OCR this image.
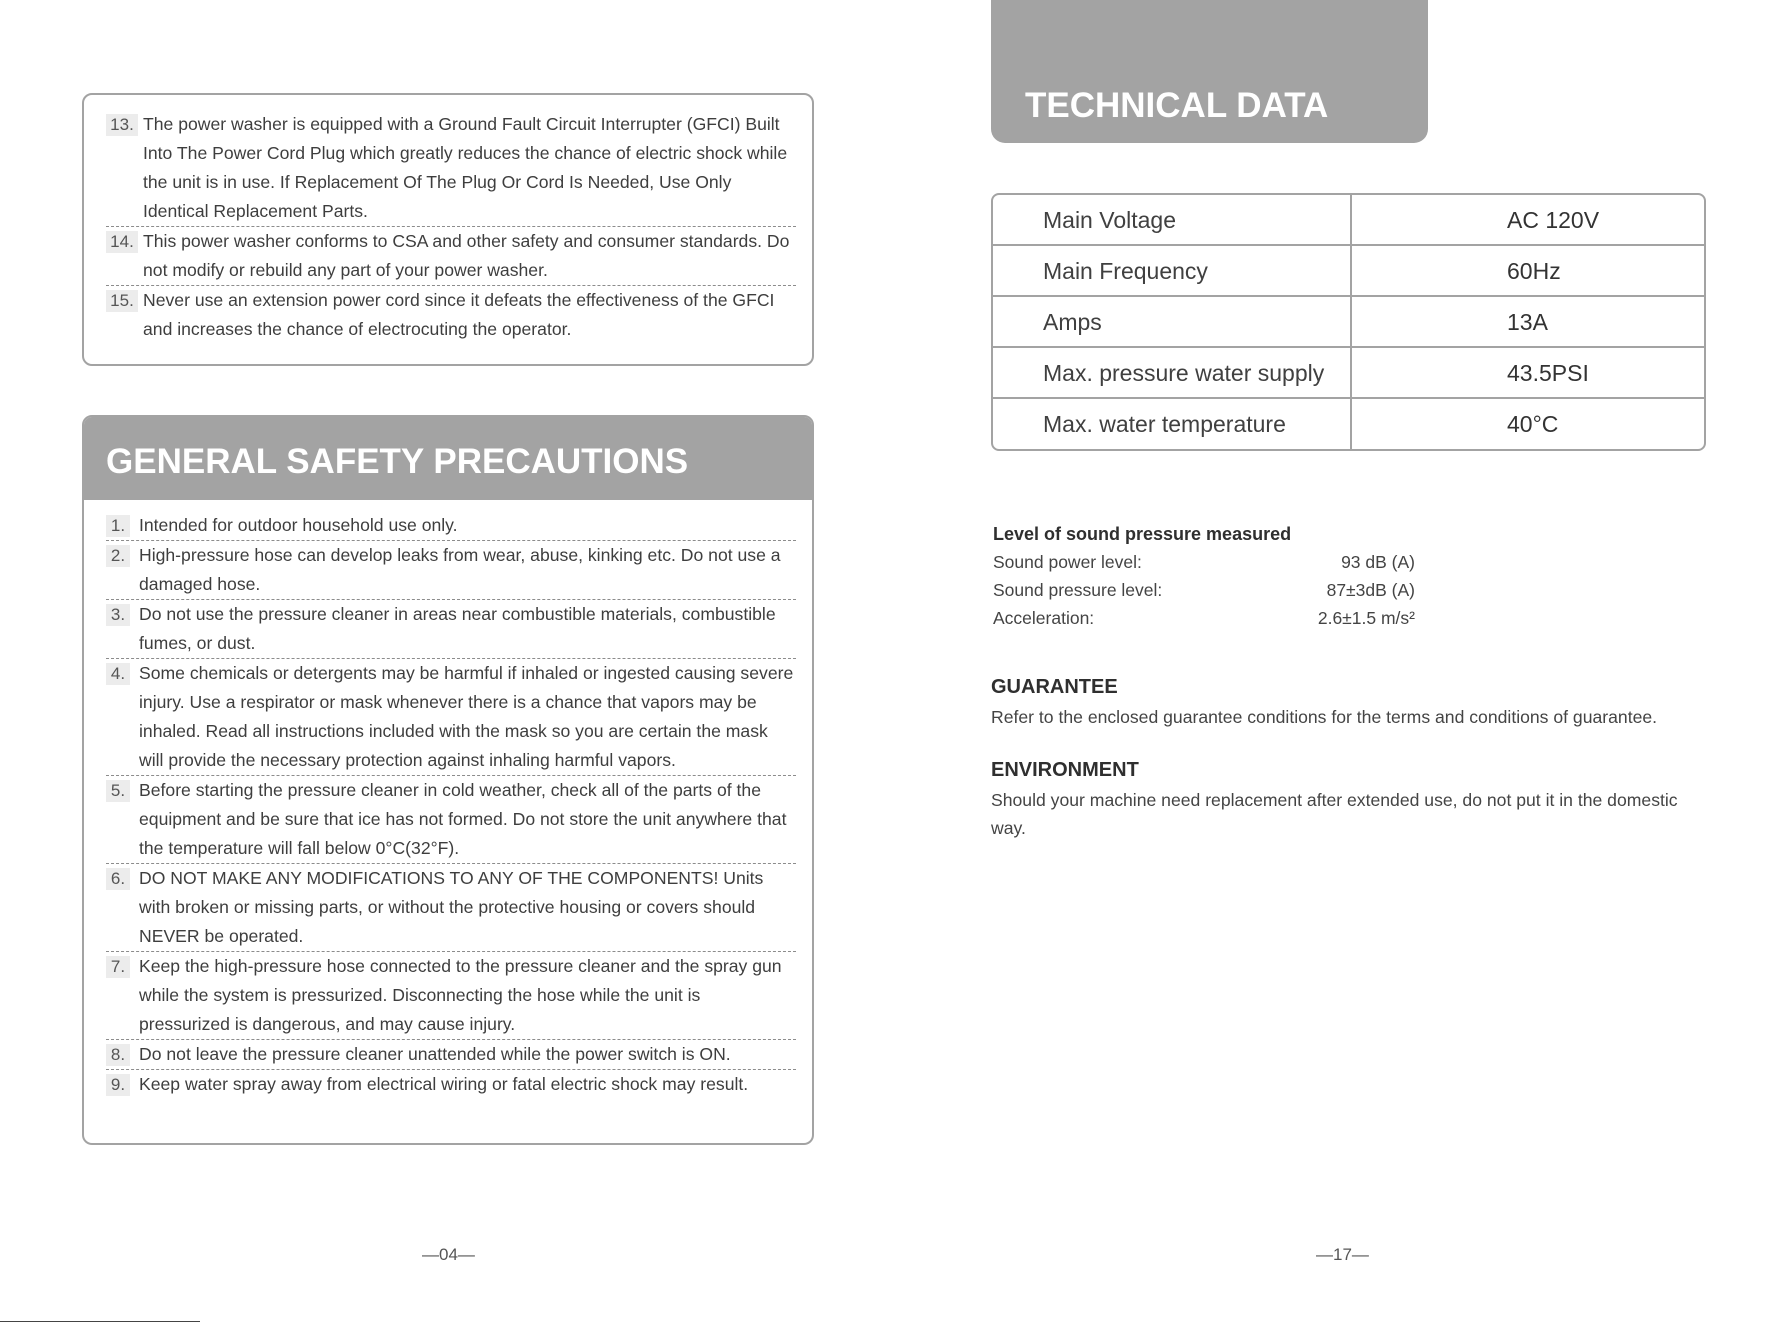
13. The power washer is equipped with a Ground Fault Circuit Interrupter (GFCI) Built Into The Power Cord Plug which greatly reduces the chance of electric shock while the unit is in use. If Replacement Of The Plug Or Cord Is Needed, Use Only Identical Replacement Parts.
14. This power washer conforms to CSA and other safety and consumer standards. Do not modify or rebuild any part of your power washer.
15. Never use an extension power cord since it defeats the effectiveness of the GFCI and increases the chance of electrocuting the operator.
GENERAL SAFETY PRECAUTIONS
1. Intended for outdoor household use only.
2. High-pressure hose can develop leaks from wear, abuse, kinking etc. Do not use a damaged hose.
3. Do not use the pressure cleaner in areas near combustible materials, combustible fumes, or dust.
4. Some chemicals or detergents may be harmful if inhaled or ingested causing severe injury. Use a respirator or mask whenever there is a chance that vapors may be inhaled. Read all instructions included with the mask so you are certain the mask will provide the necessary protection against inhaling harmful vapors.
5. Before starting the pressure cleaner in cold weather, check all of the parts of the equipment and be sure that ice has not formed. Do not store the unit anywhere that the temperature will fall below 0°C(32°F).
6. DO NOT MAKE ANY MODIFICATIONS TO ANY OF THE COMPONENTS! Units with broken or missing parts, or without the protective housing or covers should NEVER be operated.
7. Keep the high-pressure hose connected to the pressure cleaner and the spray gun while the system is pressurized. Disconnecting the hose while the unit is pressurized is dangerous, and may cause injury.
8. Do not leave the pressure cleaner unattended while the power switch is ON.
9. Keep water spray away from electrical wiring or fatal electric shock may result.
—04—
TECHNICAL DATA
Main Voltage	AC 120V
Main Frequency	60Hz
Amps	13A
Max. pressure water supply	43.5PSI
Max. water temperature	40°C
Level of sound pressure measured
Sound power level:	93 dB (A)
Sound pressure level:	87±3dB (A)
Acceleration:	2.6±1.5 m/s²
GUARANTEE
Refer to the enclosed guarantee conditions for the terms and conditions of guarantee.
ENVIRONMENT
Should your machine need replacement after extended use, do not put it in the domestic way.
—17—
